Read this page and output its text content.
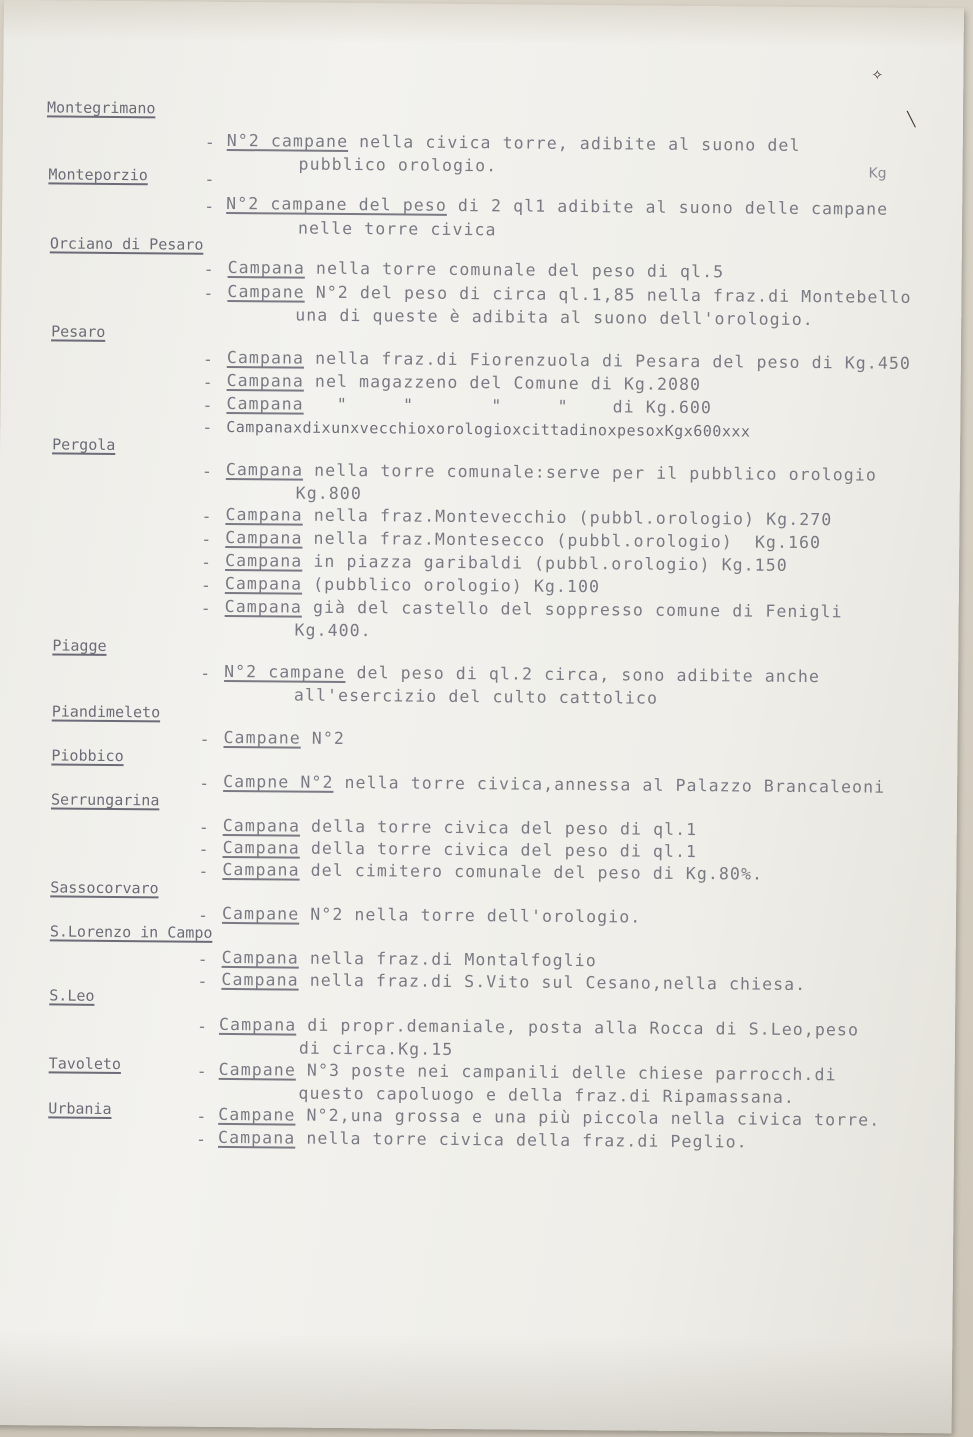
Montegrimano
- N°2 campane nella civica torre, adibite al suono del
pubblico orologio.
Monteporzio	-
- N°2 campane del peso di 2 ql1 adibite al suono delle campane
nelle torre civica
Kg
Orciano di Pesaro
- Campana nella torre comunale del peso di ql.5
- Campane N°2 del peso di circa ql.1,85 nella fraz.di Montebello
una di queste è adibita al suono dell'orologio.
Pesaro
- Campana nella fraz.di Fiorenzuola di Pesara del peso di Kg.450
- Campana nel magazzeno del Comune di Kg.2080
- Campana   "     "       "     "    di Kg.600
- CampanaxdixunxvecchioxorologioxcittadinoxpesoxKgx600xxx
Pergola
- Campana nella torre comunale:serve per il pubblico orologio
Kg.800
- Campana nella fraz.Montevecchio (pubbl.orologio) Kg.270
- Campana nella fraz.Montesecco (pubbl.orologio)  Kg.160
- Campana in piazza garibaldi (pubbl.orologio) Kg.150
- Campana (pubblico orologio) Kg.100
- Campana già del castello del soppresso comune di Fenigli
Kg.400.
Piagge
- N°2 campane del peso di ql.2 circa, sono adibite anche
all'esercizio del culto cattolico
Piandimeleto
- Campane N°2
Piobbico
- Campne N°2 nella torre civica,annessa al Palazzo Brancaleoni
Serrungarina
- Campana della torre civica del peso di ql.1
- Campana della torre civica del peso di ql.1
- Campana del cimitero comunale del peso di Kg.80%.
Sassocorvaro
- Campane N°2 nella torre dell'orologio.
S.Lorenzo in Campo
- Campana nella fraz.di Montalfoglio
- Campana nella fraz.di S.Vito sul Cesano,nella chiesa.
S.Leo
- Campana di propr.demaniale, posta alla Rocca di S.Leo,peso
di circa.Kg.15
Tavoleto	- Campane N°3 poste nei campanili delle chiese parrocch.di
questo capoluogo e della fraz.di Ripamassana.
Urbania	- Campane N°2,una grossa e una più piccola nella civica torre.
- Campana nella torre civica della fraz.di Peglio.
✧
╲
